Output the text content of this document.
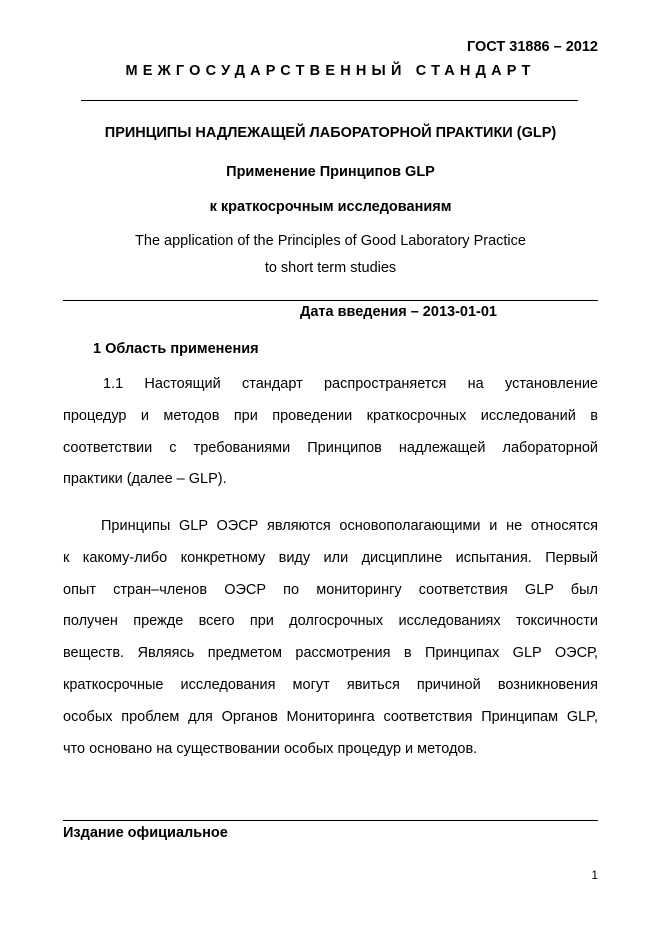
ГОСТ 31886 – 2012
МЕЖГОСУДАРСТВЕННЫЙ СТАНДАРТ
ПРИНЦИПЫ НАДЛЕЖАЩЕЙ ЛАБОРАТОРНОЙ ПРАКТИКИ (GLP)
Применение Принципов GLP
к краткосрочным исследованиям
The application of the Principles of Good Laboratory Practice
to short term studies
Дата введения – 2013-01-01
1 Область применения
1.1 Настоящий стандарт распространяется на установление
процедур и методов при проведении краткосрочных исследований в
соответствии с требованиями Принципов надлежащей лабораторной
практики (далее – GLP).
Принципы GLP ОЭСР являются основополагающими и не относятся
к какому-либо конкретному виду или дисциплине испытания. Первый
опыт стран–членов ОЭСР по мониторингу соответствия GLP был
получен прежде всего при долгосрочных исследованиях токсичности
веществ. Являясь предметом рассмотрения в Принципах GLP ОЭСР,
краткосрочные исследования могут явиться причиной возникновения
особых проблем для Органов Мониторинга соответствия Принципам GLP,
что основано на существовании особых процедур и методов.
Издание официальное
1
